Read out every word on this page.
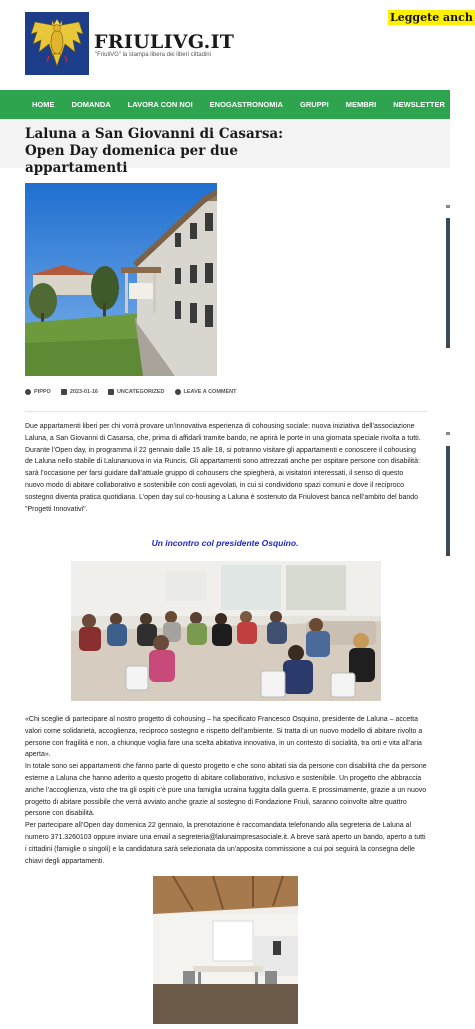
FRIULIVG.IT
"FriuliVG" la stampa libera dei liberi cittadini
Leggete anch
HOME DOMANDA LAVORA CON NOI ENOGASTRONOMIA GRUPPI MEMBRI NEWSLETTER A
Laluna a San Giovanni di Casarsa: Open Day domenica per due appartamenti
PIPPO	2023-01-16	UNCATEGORIZED	LEAVE A COMMENT

Due appartamenti liberi per chi vorrà provare un’innovativa esperienza di cohousing sociale: nuova iniziativa dell’associazione Laluna, a San Giovanni di Casarsa, che, prima di affidarli tramite bando, ne aprirà le porte in una giornata speciale rivolta a tutti. Durante l’Open day, in programma il 22 gennaio dalle 15 alle 18, si potranno visitare gli appartamenti e conoscere il cohousing de Laluna nello stabile di Lalunanuova in via Runcis. Gli appartamenti sono attrezzati anche per ospitare persone con disabilità: sarà l’occasione per farsi guidare dall’attuale gruppo di cohousers che spiegherà, ai visitatori interessati, il senso di questo nuovo modo di abitare collaborativo e sostenibile con costi agevolati, in cui si condividono spazi comuni e dove il reciproco sostegno diventa pratica quotidiana. L’open day sul co-housing a Laluna è sostenuto da Friulovest banca nell’ambito del bando "Progetti Innovativi".

Un incontro col presidente Osquino.

«Chi sceglie di partecipare al nostro progetto di cohousing – ha specificato Francesco Osquino, presidente de Laluna – accetta valori come solidarietà, accoglienza, reciproco sostegno e rispetto dell’ambiente. Si tratta di un nuovo modello di abitare rivolto a persone con fragilità e non, a chiunque voglia fare una scelta abitativa innovativa, in un contesto di socialità, tra orti e vita all’aria aperta».

In totale sono sei appartamenti che fanno parte di questo progetto e che sono abitati sia da persone con disabilità che da persone esterne a Laluna che hanno aderito a questo progetto di abitare collaborativo, inclusivo e sostenibile. Un progetto che abbraccia anche l’accoglienza, visto che tra gli ospiti c’è pure una famiglia ucraina fuggita dalla guerra. E prossimamente, grazie a un nuovo progetto di abitare possibile che verrà avviato anche grazie al sostegno di Fondazione Friuli, saranno coinvolte altre quattro persone con disabilità.

Per partecipare all’Open day domenica 22 gennaio, la prenotazione è raccomandata telefonando alla segreteria de Laluna al numero 371.3260103 oppure inviare una email a segreteria@lalunaimpresasociale.it. A breve sarà aperto un bando, aperto a tutti i cittadini (famiglie o singoli) e la candidatura sarà selezionata da un’apposita commissione a cui poi seguirà la consegna delle chiavi degli appartamenti.
